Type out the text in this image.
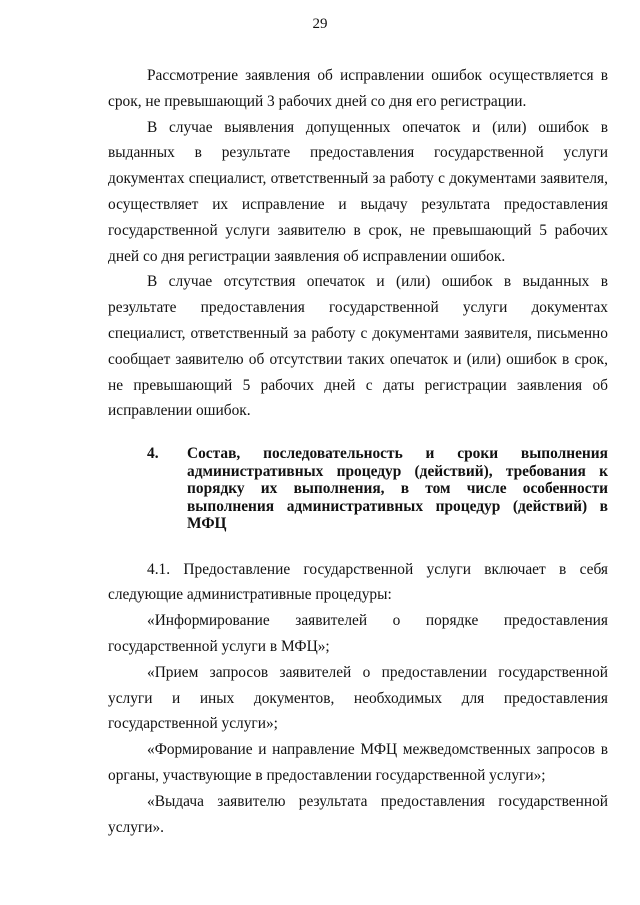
29

Рассмотрение заявления об исправлении ошибок осуществляется в срок, не превышающий 3 рабочих дней со дня его регистрации.

В случае выявления допущенных опечаток и (или) ошибок в выданных в результате предоставления государственной услуги документах специалист, ответственный за работу с документами заявителя, осуществляет их исправление и выдачу результата предоставления государственной услуги заявителю в срок, не превышающий 5 рабочих дней со дня регистрации заявления об исправлении ошибок.

В случае отсутствия опечаток и (или) ошибок в выданных в результате предоставления государственной услуги документах специалист, ответственный за работу с документами заявителя, письменно сообщает заявителю об отсутствии таких опечаток и (или) ошибок в срок, не превышающий 5 рабочих дней с даты регистрации заявления об исправлении ошибок.

4.	Состав, последовательность и сроки выполнения административных процедур (действий), требования к порядку их выполнения, в том числе особенности выполнения административных процедур (действий) в МФЦ

4.1. Предоставление государственной услуги включает в себя следующие административные процедуры:

«Информирование заявителей о порядке предоставления государственной услуги в МФЦ»;

«Прием запросов заявителей о предоставлении государственной услуги и иных документов, необходимых для предоставления государственной услуги»;

«Формирование и направление МФЦ межведомственных запросов в органы, участвующие в предоставлении государственной услуги»;

«Выдача заявителю результата предоставления государственной услуги».
